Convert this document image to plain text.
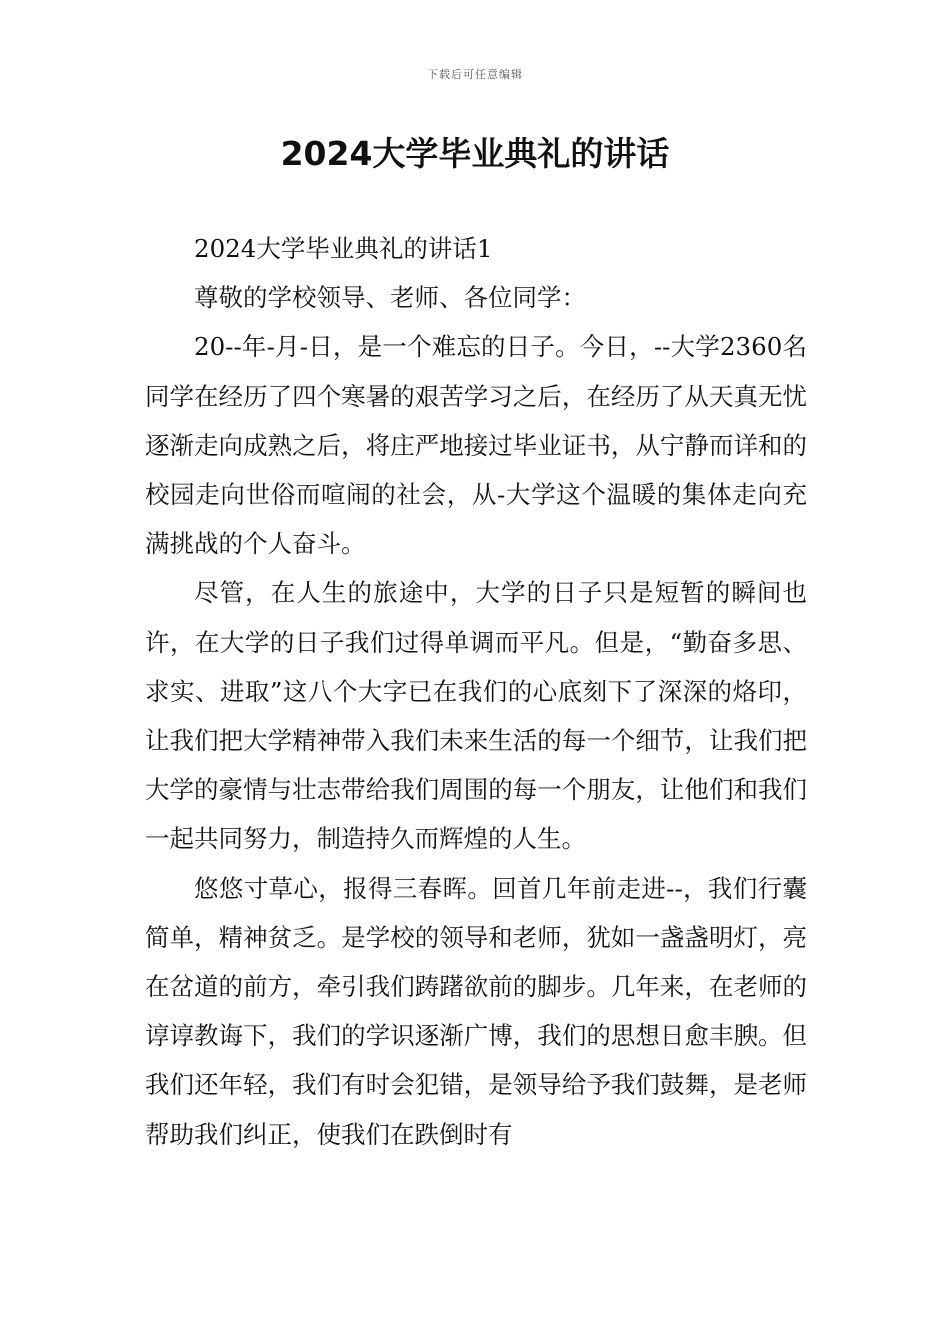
下载后可任意编辑
2024大学毕业典礼的讲话

2024大学毕业典礼的讲话1

尊敬的学校领导、老师、各位同学：

20--年-月-日，是一个难忘的日子。今日，--大学2360名同学在经历了四个寒暑的艰苦学习之后，在经历了从天真无忧逐渐走向成熟之后，将庄严地接过毕业证书，从宁静而详和的校园走向世俗而喧闹的社会，从-大学这个温暖的集体走向充满挑战的个人奋斗。

尽管，在人生的旅途中，大学的日子只是短暂的瞬间也许，在大学的日子我们过得单调而平凡。但是，“勤奋多思、求实、进取”这八个大字已在我们的心底刻下了深深的烙印，让我们把大学精神带入我们未来生活的每一个细节，让我们把大学的豪情与壮志带给我们周围的每一个朋友，让他们和我们一起共同努力，制造持久而辉煌的人生。

悠悠寸草心，报得三春晖。回首几年前走进--，我们行囊简单，精神贫乏。是学校的领导和老师，犹如一盏盏明灯，亮在岔道的前方，牵引我们踌躇欲前的脚步。几年来，在老师的谆谆教诲下，我们的学识逐渐广博，我们的思想日愈丰腴。但我们还年轻，我们有时会犯错，是领导给予我们鼓舞，是老师帮助我们纠正，使我们在跌倒时有
